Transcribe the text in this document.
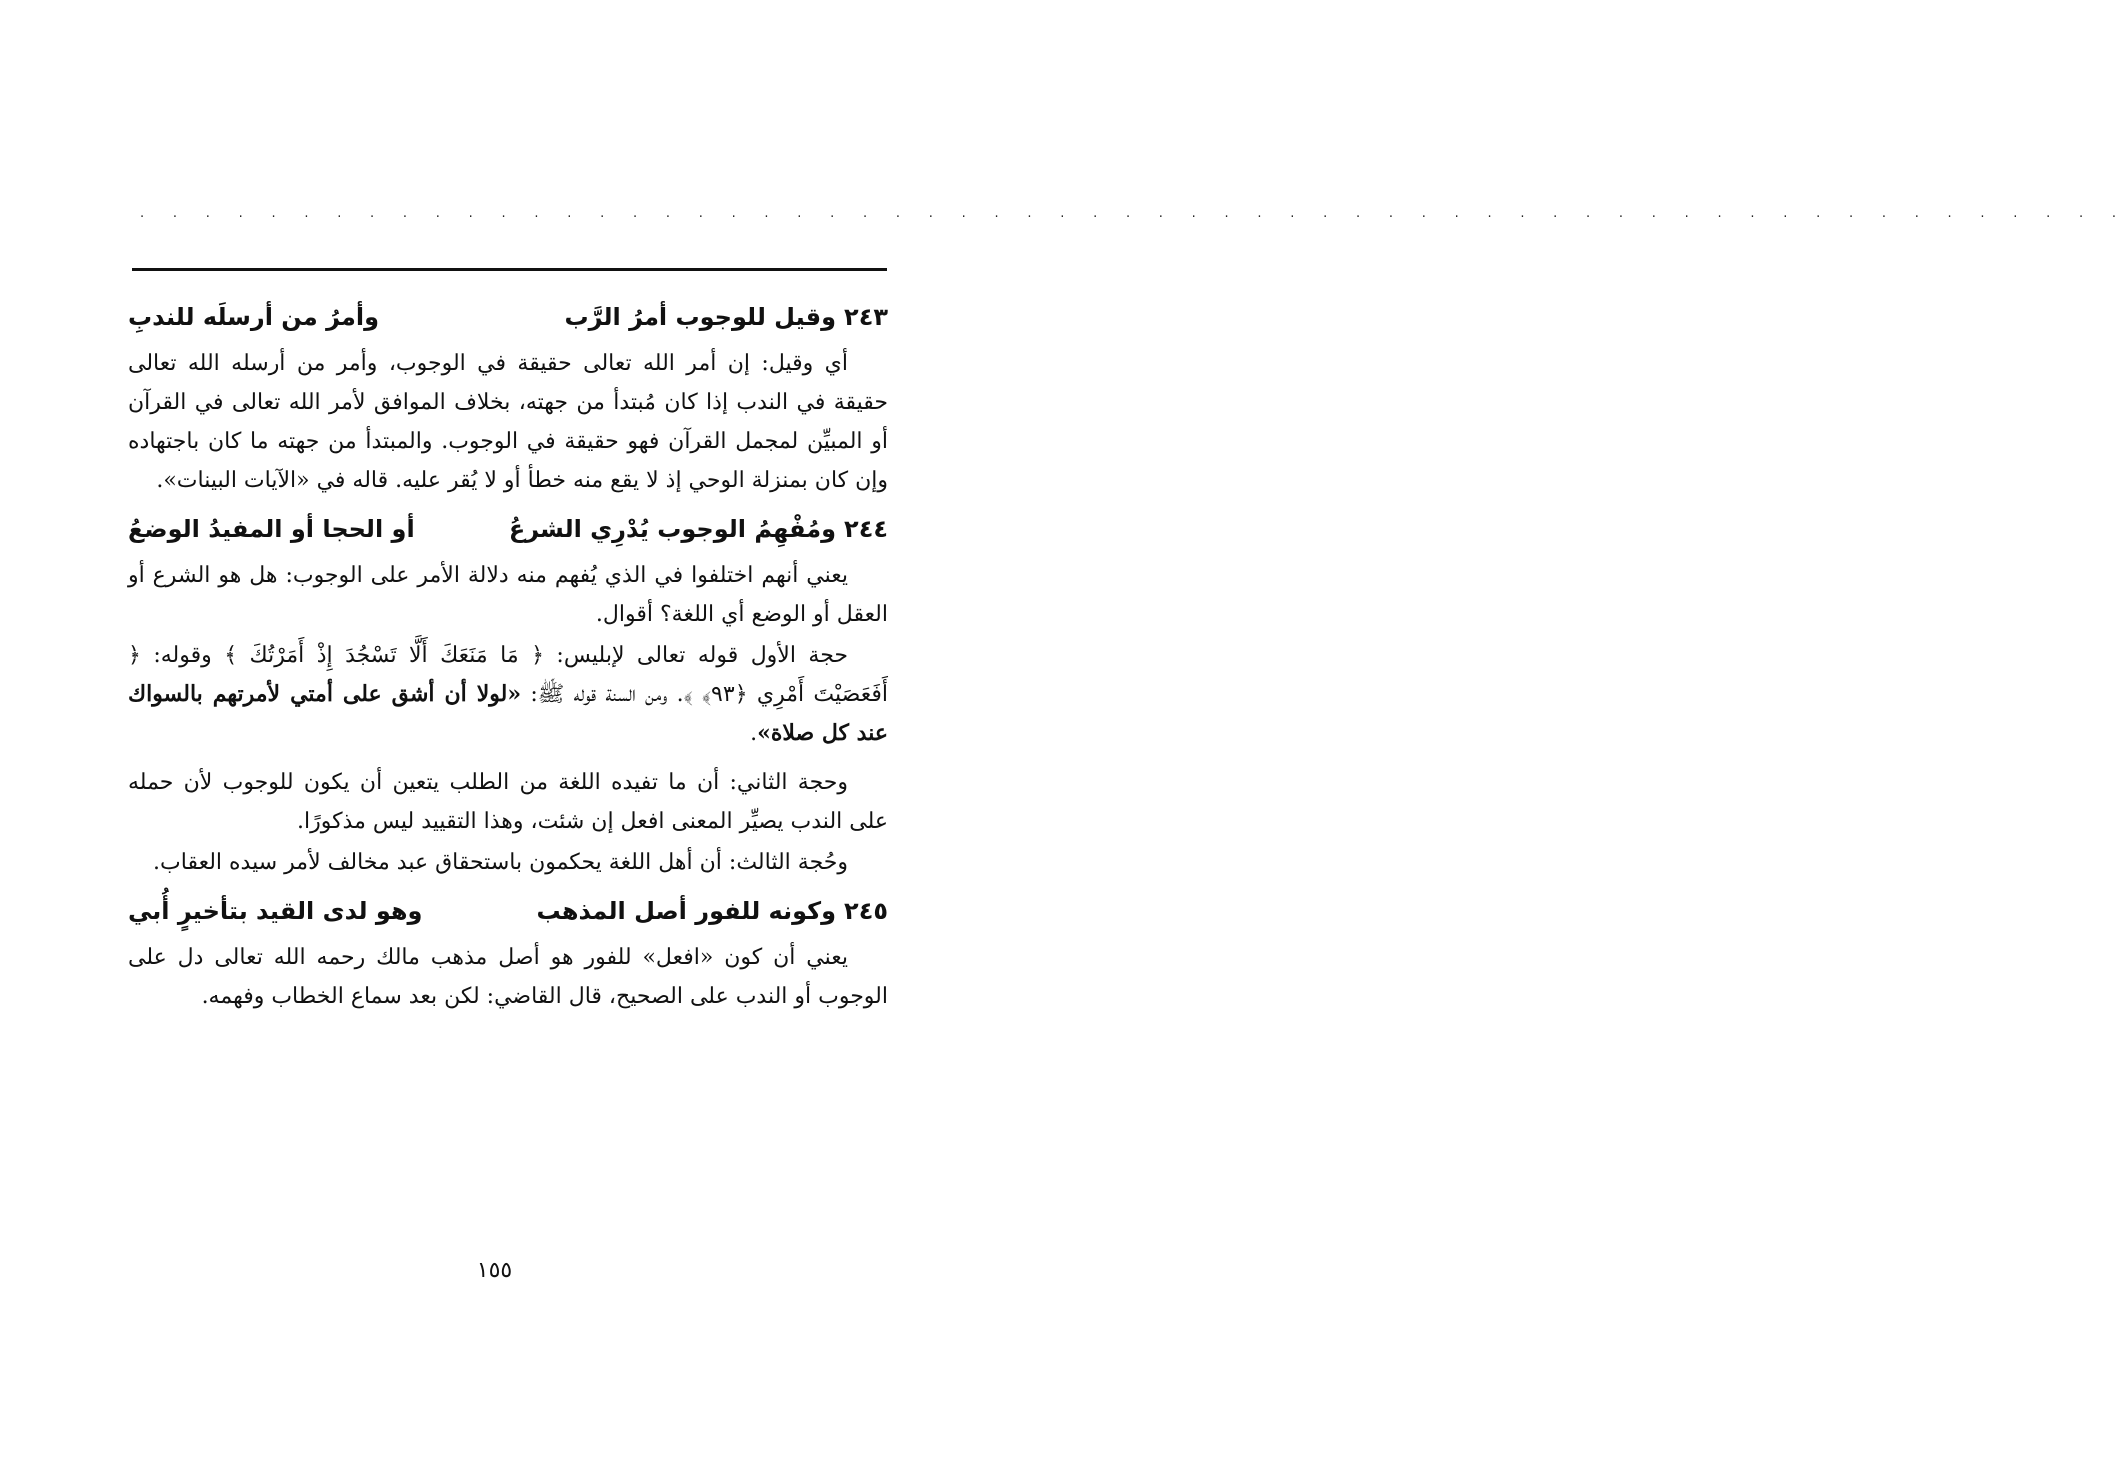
. . . . . . . . . . . . . . . . . . . . . . . . . . . . . . . . . . . . . . . . . . . . . . . . . . . . . . . . . . . . .
٢٤٣
وقيل للوجوب أمرُ الرَّب
وأمرُ من أرسلَه للندبِ

أي وقيل: إن أمر الله تعالى حقيقة في الوجوب، وأمر من أرسله الله تعالى حقيقة في الندب إذا كان مُبتدأ من جهته، بخلاف الموافق لأمر الله تعالى في القرآن أو المبيِّن لمجمل القرآن فهو حقيقة في الوجوب. والمبتدأ من جهته ما كان باجتهاده وإن كان بمنزلة الوحي إذ لا يقع منه خطأ أو لا يُقر عليه. قاله في «الآيات البينات».

٢٤٤
ومُفْهِمُ الوجوب يُدْرِي الشرعُ
أو الحجا أو المفيدُ الوضعُ

يعني أنهم اختلفوا في الذي يُفهم منه دلالة الأمر على الوجوب: هل هو الشرع أو العقل أو الوضع أي اللغة؟ أقوال.

حجة الأول قوله تعالى لإبليس: ﴿ مَا مَنَعَكَ أَلَّا تَسْجُدَ إِذْ أَمَرْتُكَ ﴾ وقوله: ﴿ أَفَعَصَيْتَ أَمْرِي ﴿٩٣﴾ ﴾. ومن السنة قوله ﷺ: «لولا أن أشق على أمتي لأمرتهم بالسواك عند كل صلاة».

وحجة الثاني: أن ما تفيده اللغة من الطلب يتعين أن يكون للوجوب لأن حمله على الندب يصيِّر المعنى افعل إن شئت، وهذا التقييد ليس مذكورًا.

وحُجة الثالث: أن أهل اللغة يحكمون باستحقاق عبد مخالف لأمر سيده العقاب.

٢٤٥
وكونه للفور أصل المذهب
وهو لدى القيد بتأخيرٍ أُبي

يعني أن كون «افعل» للفور هو أصل مذهب مالك رحمه الله تعالى دل على الوجوب أو الندب على الصحيح، قال القاضي: لكن بعد سماع الخطاب وفهمه.

١٥٥
